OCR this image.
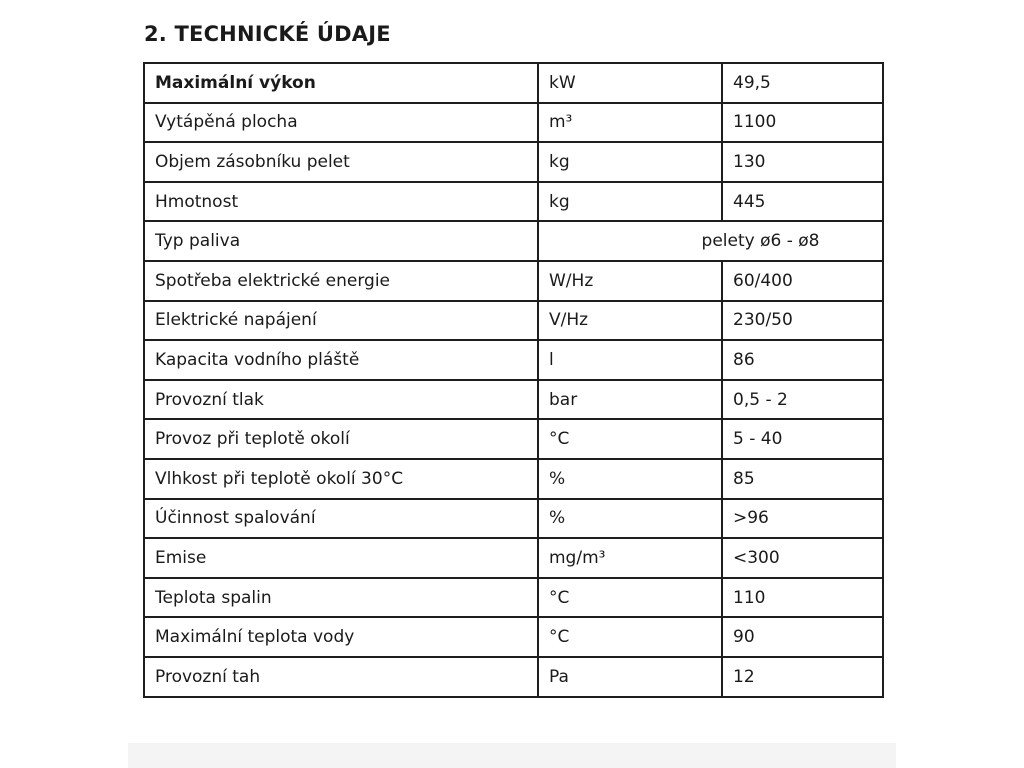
2. TECHNICKÉ ÚDAJE
Maximální výkon	kW	49,5
Vytápěná plocha	m³	1100
Objem zásobníku pelet	kg	130
Hmotnost	kg	445
Typ paliva	pelety ø6 - ø8	
Spotřeba elektrické energie	W/Hz	60/400
Elektrické napájení	V/Hz	230/50
Kapacita vodního pláště	l	86
Provozní tlak	bar	0,5 - 2
Provoz při teplotě okolí	°C	5 - 40
Vlhkost při teplotě okolí 30°C	%	85
Účinnost spalování	%	>96
Emise	mg/m³	<300
Teplota spalin	°C	110
Maximální teplota vody	°C	90
Provozní tah	Pa	12
